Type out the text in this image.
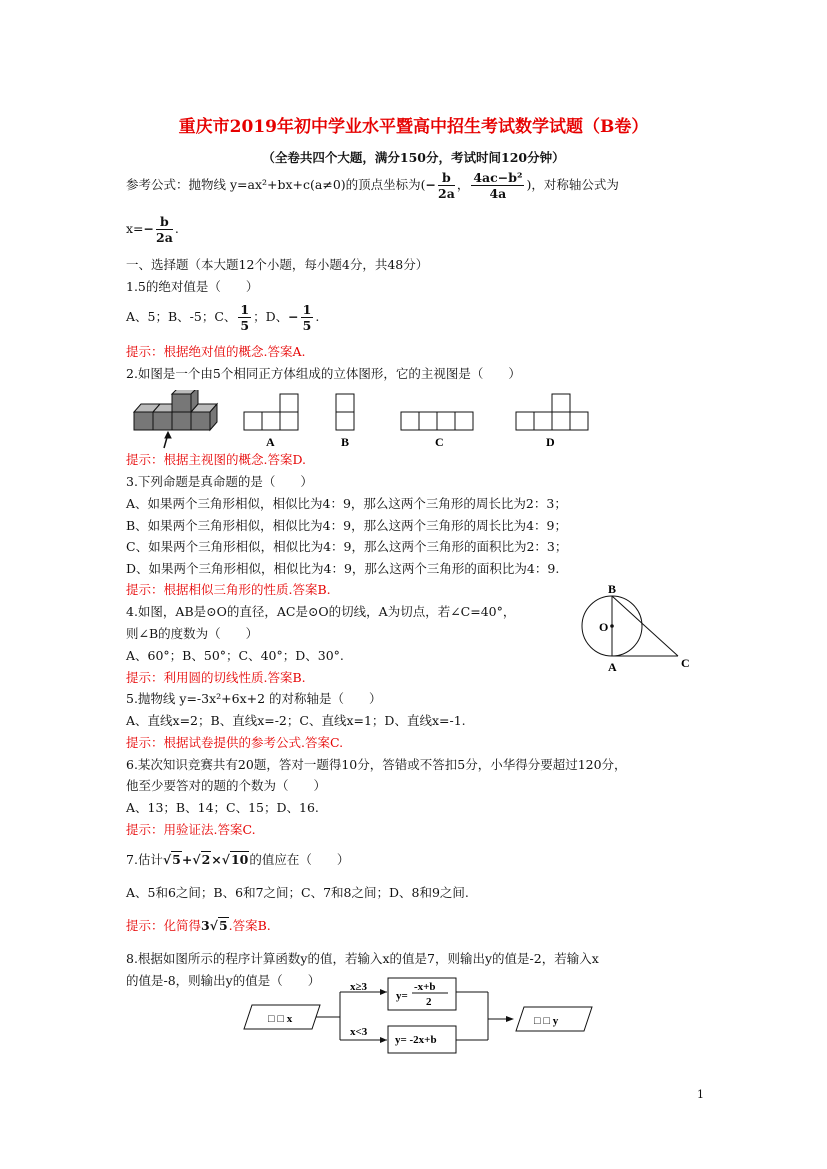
重庆市2019年初中学业水平暨高中招生考试数学试题（B卷）
（全卷共四个大题，满分150分，考试时间120分钟）
参考公式：抛物线 y=ax²+bx+c(a≠0)的顶点坐标为(− $\frac{b}{2a}$ ， $\frac{\text{4ac−b²}}{4a}$ )，对称轴公式为
$x=- \frac{b}{2a}$ .
一、选择题（本大题12个小题，每小题4分，共48分）
1.5的绝对值是（　　）
A、5；B、-5；C、 $\frac{1}{5}$ ；D、− $\frac{1}{5}$ .
提示：根据绝对值的概念.答案A.
2.如图是一个由5个相同正方体组成的立体图形，它的主视图是（　　）
A	B	C	D
提示：根据主视图的概念.答案D.
3.下列命题是真命题的是（　　）
A、如果两个三角形相似，相似比为4：9，那么这两个三角形的周长比为2：3；
B、如果两个三角形相似，相似比为4：9，那么这两个三角形的周长比为4：9；
C、如果两个三角形相似，相似比为4：9，那么这两个三角形的面积比为2：3；
D、如果两个三角形相似，相似比为4：9，那么这两个三角形的面积比为4：9.
提示：根据相似三角形的性质.答案B.
4.如图，AB是⊙O的直径，AC是⊙O的切线，A为切点，若∠C=40°，
则∠B的度数为（　　）
A、60°；B、50°；C、40°；D、30°.
提示：利用圆的切线性质.答案B.
B
O
A	C
5.抛物线 y=-3x²+6x+2 的对称轴是（　　）
A、直线x=2；B、直线x=-2；C、直线x=1；D、直线x=-1.
提示：根据试卷提供的参考公式.答案C.
6.某次知识竞赛共有20题，答对一题得10分，答错或不答扣5分，小华得分要超过120分，
他至少要答对的题的个数为（　　）
A、13；B、14；C、15；D、16.
提示：用验证法.答案C.
7.估计√5+√2×√10的值应在（　　）
A、5和6之间；B、6和7之间；C、7和8之间；D、8和9之间.
提示：化简得3√5.答案B.
8.根据如图所示的程序计算函数y的值，若输入x的值是7，则输出y的值是-2，若输入x
的值是-8，则输出y的值是（　　）
□ □ x
x≥3
x<3
y=
-x+b
2
y= -2x+b
□ □ y
1
